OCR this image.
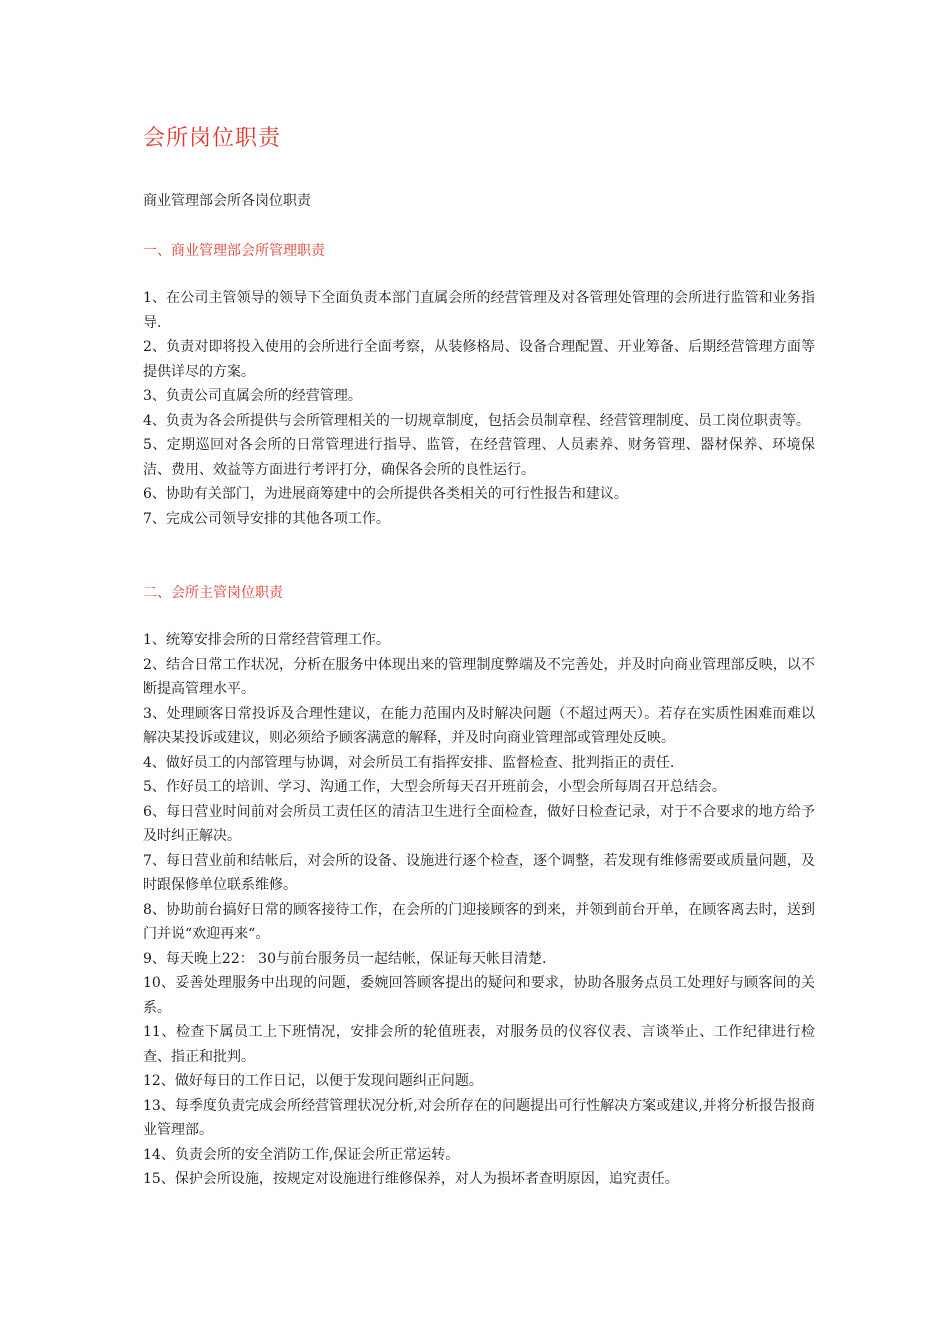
会所岗位职责
商业管理部会所各岗位职责
一、商业管理部会所管理职责

1、在公司主管领导的领导下全面负责本部门直属会所的经营管理及对各管理处管理的会所进行监管和业务指导.

2、负责对即将投入使用的会所进行全面考察，从装修格局、设备合理配置、开业筹备、后期经营管理方面等提供详尽的方案。

3、负责公司直属会所的经营管理。

4、负责为各会所提供与会所管理相关的一切规章制度，包括会员制章程、经营管理制度、员工岗位职责等。

5、定期巡回对各会所的日常管理进行指导、监管，在经营管理、人员素养、财务管理、器材保养、环境保洁、费用、效益等方面进行考评打分，确保各会所的良性运行。

6、协助有关部门，为进展商筹建中的会所提供各类相关的可行性报告和建议。

7、完成公司领导安排的其他各项工作。

二、会所主管岗位职责

1、统筹安排会所的日常经营管理工作。

2、结合日常工作状况，分析在服务中体现出来的管理制度弊端及不完善处，并及时向商业管理部反映，以不断提高管理水平。

3、处理顾客日常投诉及合理性建议，在能力范围内及时解决问题（不超过两天）。若存在实质性困难而难以解决某投诉或建议，则必须给予顾客满意的解释，并及时向商业管理部或管理处反映。

4、做好员工的内部管理与协调，对会所员工有指挥安排、监督检查、批判指正的责任.

5、作好员工的培训、学习、沟通工作，大型会所每天召开班前会，小型会所每周召开总结会。

6、每日营业时间前对会所员工责任区的清洁卫生进行全面检查，做好日检查记录，对于不合要求的地方给予及时纠正解决。

7、每日营业前和结帐后，对会所的设备、设施进行逐个检查，逐个调整，若发现有维修需要或质量问题，及时跟保修单位联系维修。

8、协助前台搞好日常的顾客接待工作，在会所的门迎接顾客的到来，并领到前台开单，在顾客离去时，送到门并说“欢迎再来“。

9、每天晚上22： 30与前台服务员一起结帐，保证每天帐目清楚.

10、妥善处理服务中出现的问题，委婉回答顾客提出的疑问和要求，协助各服务点员工处理好与顾客间的关系。

11、检查下属员工上下班情况，安排会所的轮值班表，对服务员的仪容仪表、言谈举止、工作纪律进行检查、指正和批判。

12、做好每日的工作日记，以便于发现问题纠正问题。

13、每季度负责完成会所经营管理状况分析,对会所存在的问题提出可行性解决方案或建议,并将分析报告报商业管理部。

14、负责会所的安全消防工作,保证会所正常运转。

15、保护会所设施，按规定对设施进行维修保养，对人为损坏者查明原因，追究责任。
